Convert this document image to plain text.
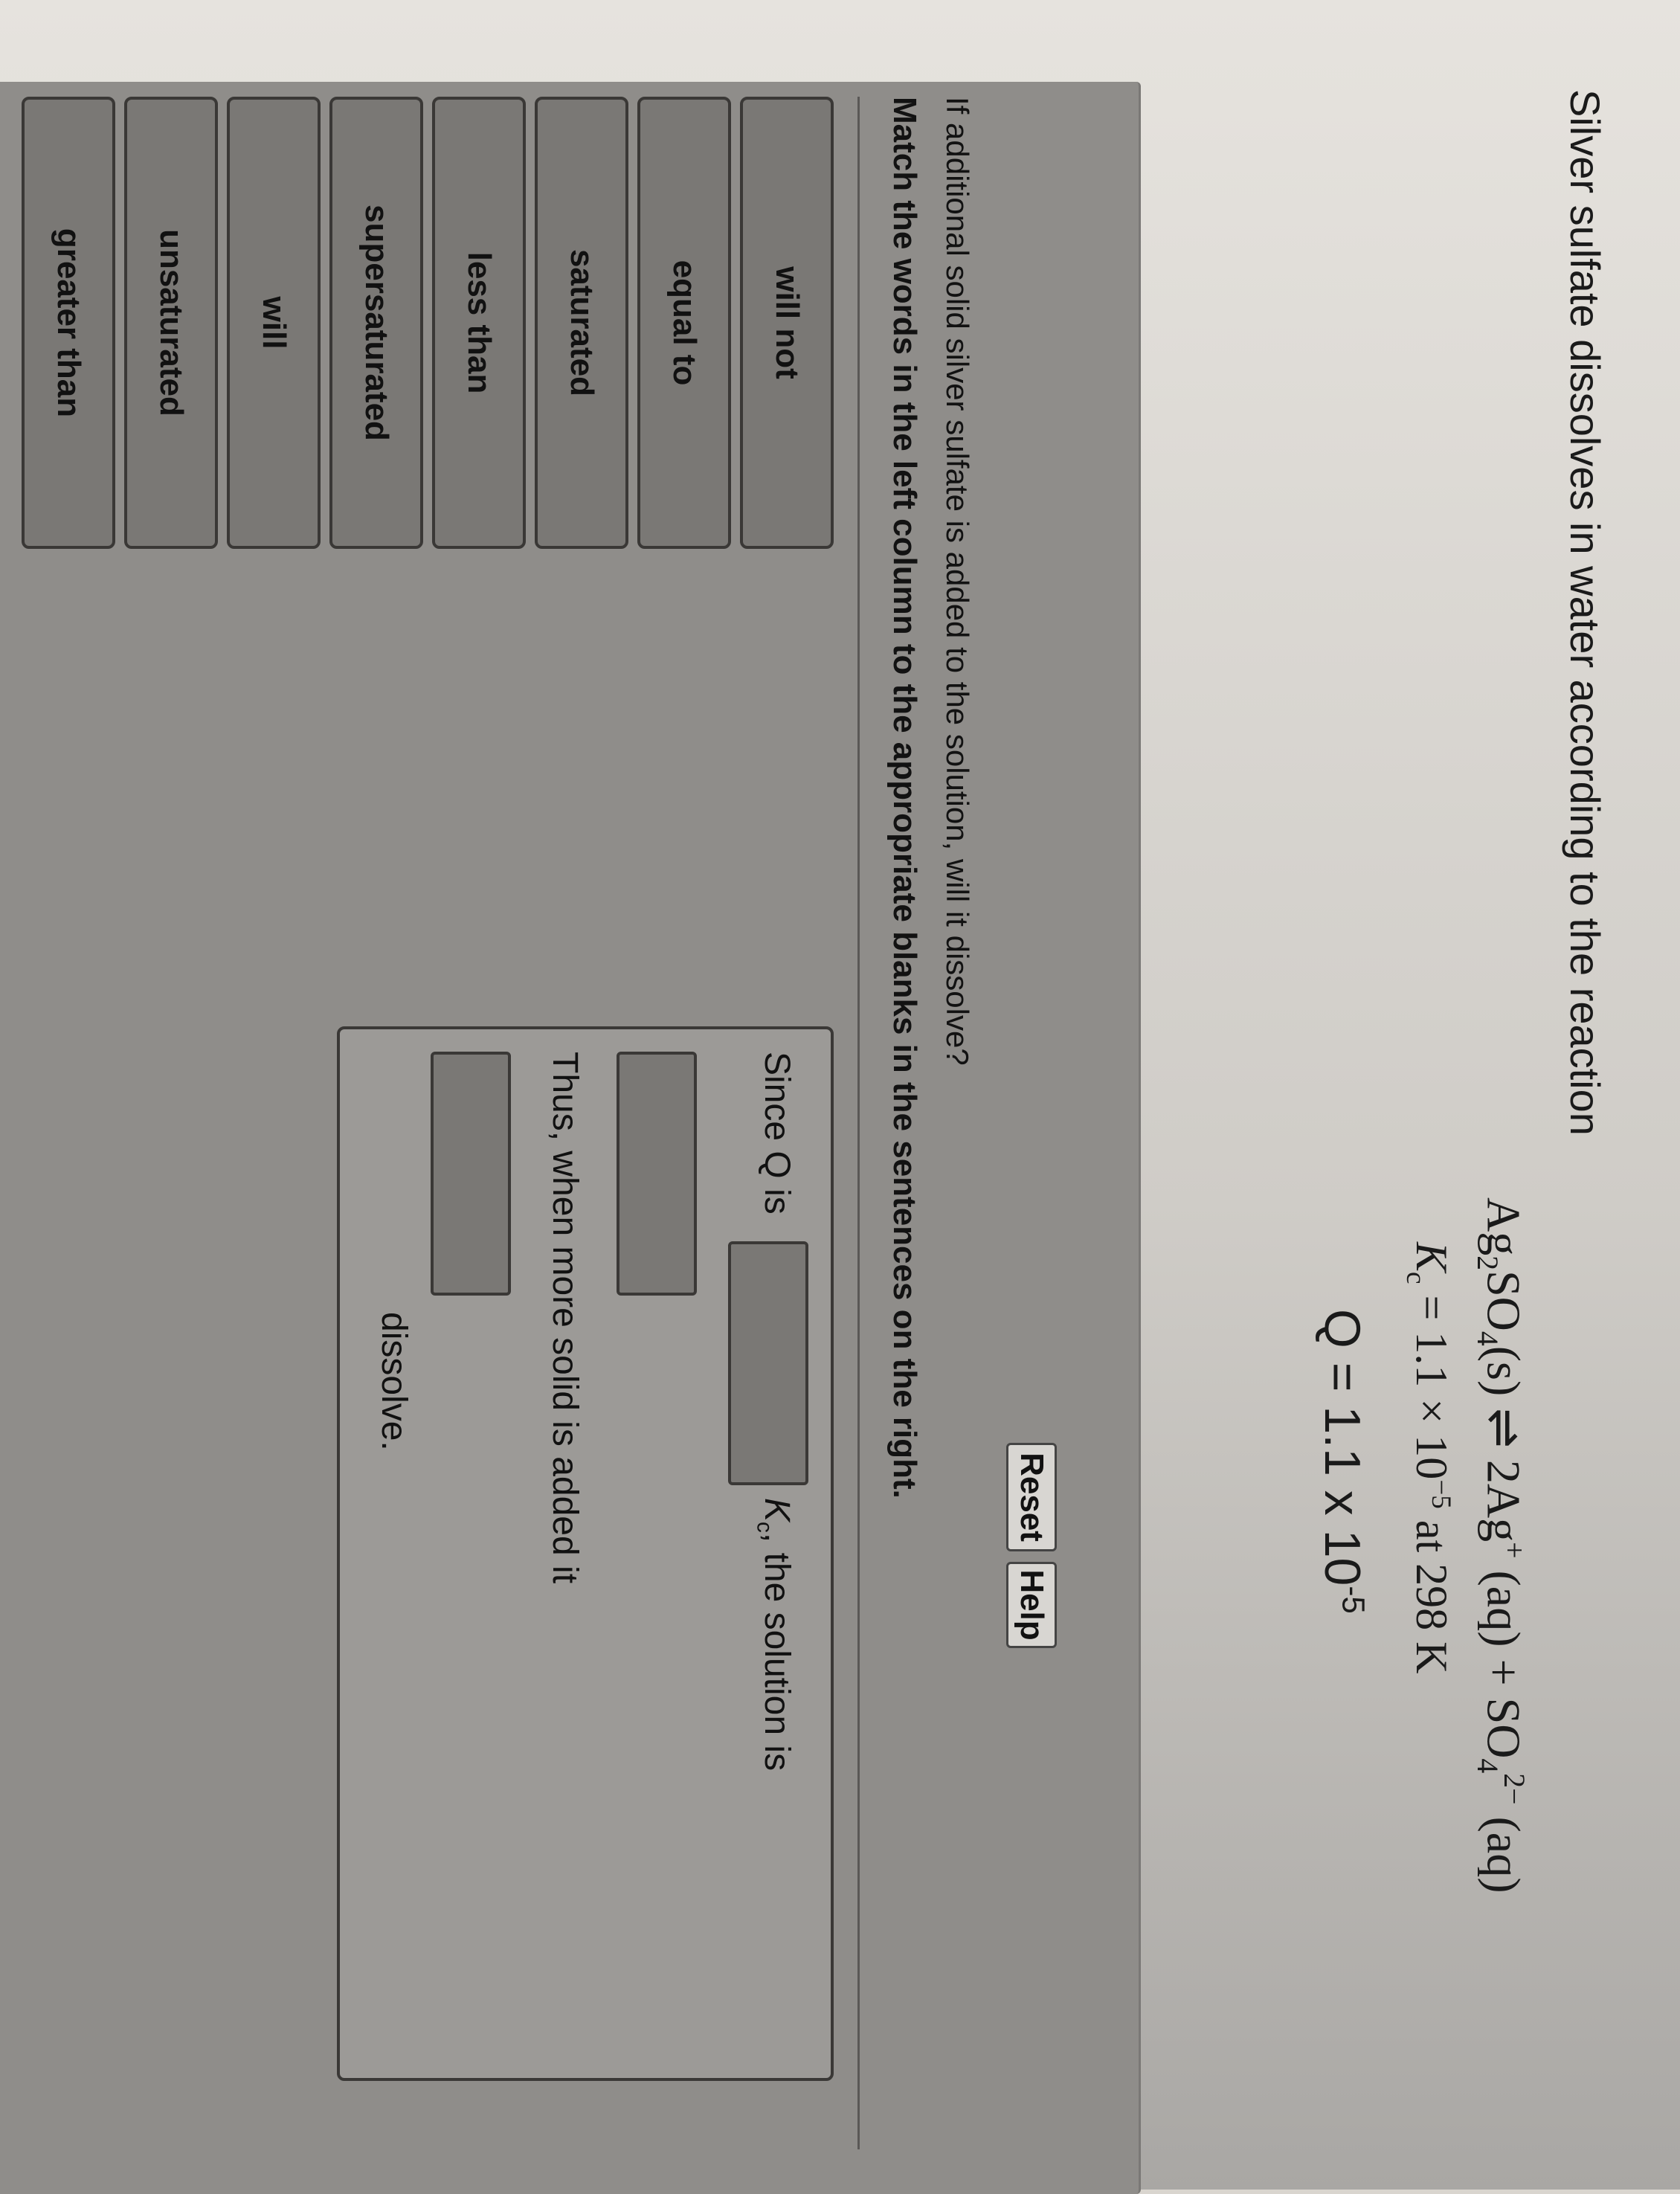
Silver sulfate dissolves in water according to the reaction
$Ag_2SO_4(s)$ ⇌ 2Ag+ $(aq) + SO_4^{2-}$ (aq)
$K_c = 1.1 \times 10^{-5}$ at 298 K
Q = 1.1 x $10^{-5}$
Reset
Help
If additional solid silver sulfate is added to the solution, will it dissolve?
Match the words in the left column to the appropriate blanks in the sentences on the right.
will not
equal to
saturated
less than
supersaturated
will
unsaturated
greater than
Since Q is
$K_c$, the solution is
Thus, when more solid is added it
dissolve.
